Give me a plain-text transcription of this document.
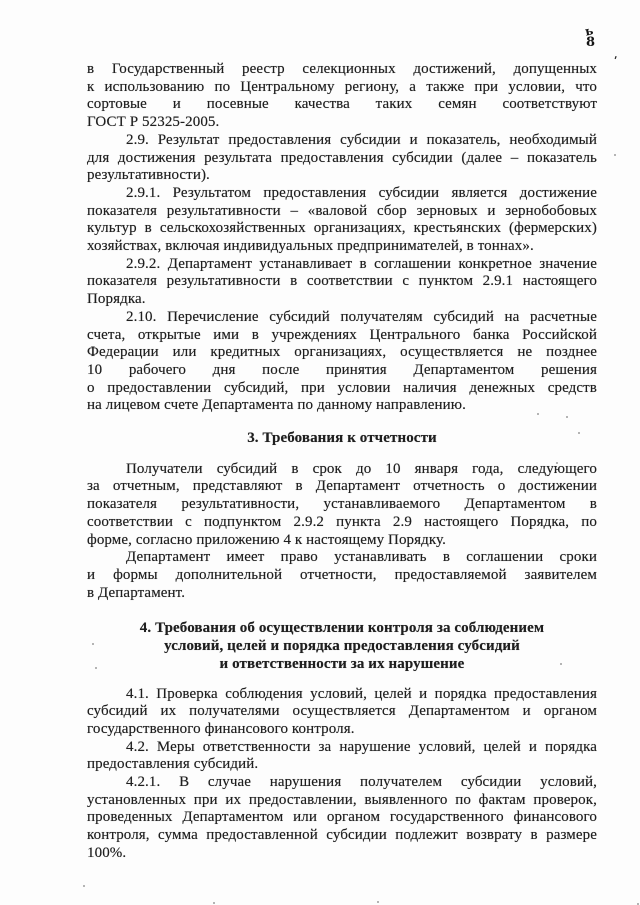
ь
8
'
в Государственный реестр селекционных достижений, допущенных
к использованию по Центральному региону, а также при условии, что
сортовые и посевные качества таких семян соответствуют
ГОСТ Р 52325-2005.
2.9. Результат предоставления субсидии и показатель, необходимый
для достижения результата предоставления субсидии (далее – показатель
результативности).
2.9.1. Результатом предоставления субсидии является достижение
показателя результативности – «валовой сбор зерновых и зернобобовых
культур в сельскохозяйственных организациях, крестьянских (фермерских)
хозяйствах, включая индивидуальных предпринимателей, в тоннах».
2.9.2. Департамент устанавливает в соглашении конкретное значение
показателя результативности в соответствии с пунктом 2.9.1 настоящего
Порядка.
2.10. Перечисление субсидий получателям субсидий на расчетные
счета, открытые ими в учреждениях Центрального банка Российской
Федерации или кредитных организациях, осуществляется не позднее
10 рабочего дня после принятия Департаментом решения
о предоставлении субсидий, при условии наличия денежных средств
на лицевом счете Департамента по данному направлению.
3. Требования к отчетности
Получатели субсидий в срок до 10 января года, следующего
за отчетным, представляют в Департамент отчетность о достижении
показателя результативности, устанавливаемого Департаментом в
соответствии с подпунктом 2.9.2 пункта 2.9 настоящего Порядка, по
форме, согласно приложению 4 к настоящему Порядку.
Департамент имеет право устанавливать в соглашении сроки
и формы дополнительной отчетности, предоставляемой заявителем
в Департамент.
4. Требования об осуществлении контроля за соблюдением
условий, целей и порядка предоставления субсидий
и ответственности за их нарушение
4.1. Проверка соблюдения условий, целей и порядка предоставления
субсидий их получателями осуществляется Департаментом и органом
государственного финансового контроля.
4.2. Меры ответственности за нарушение условий, целей и порядка
предоставления субсидий.
4.2.1. В случае нарушения получателем субсидии условий,
установленных при их предоставлении, выявленного по фактам проверок,
проведенных Департаментом или органом государственного финансового
контроля, сумма предоставленной субсидии подлежит возврату в размере
100%.
